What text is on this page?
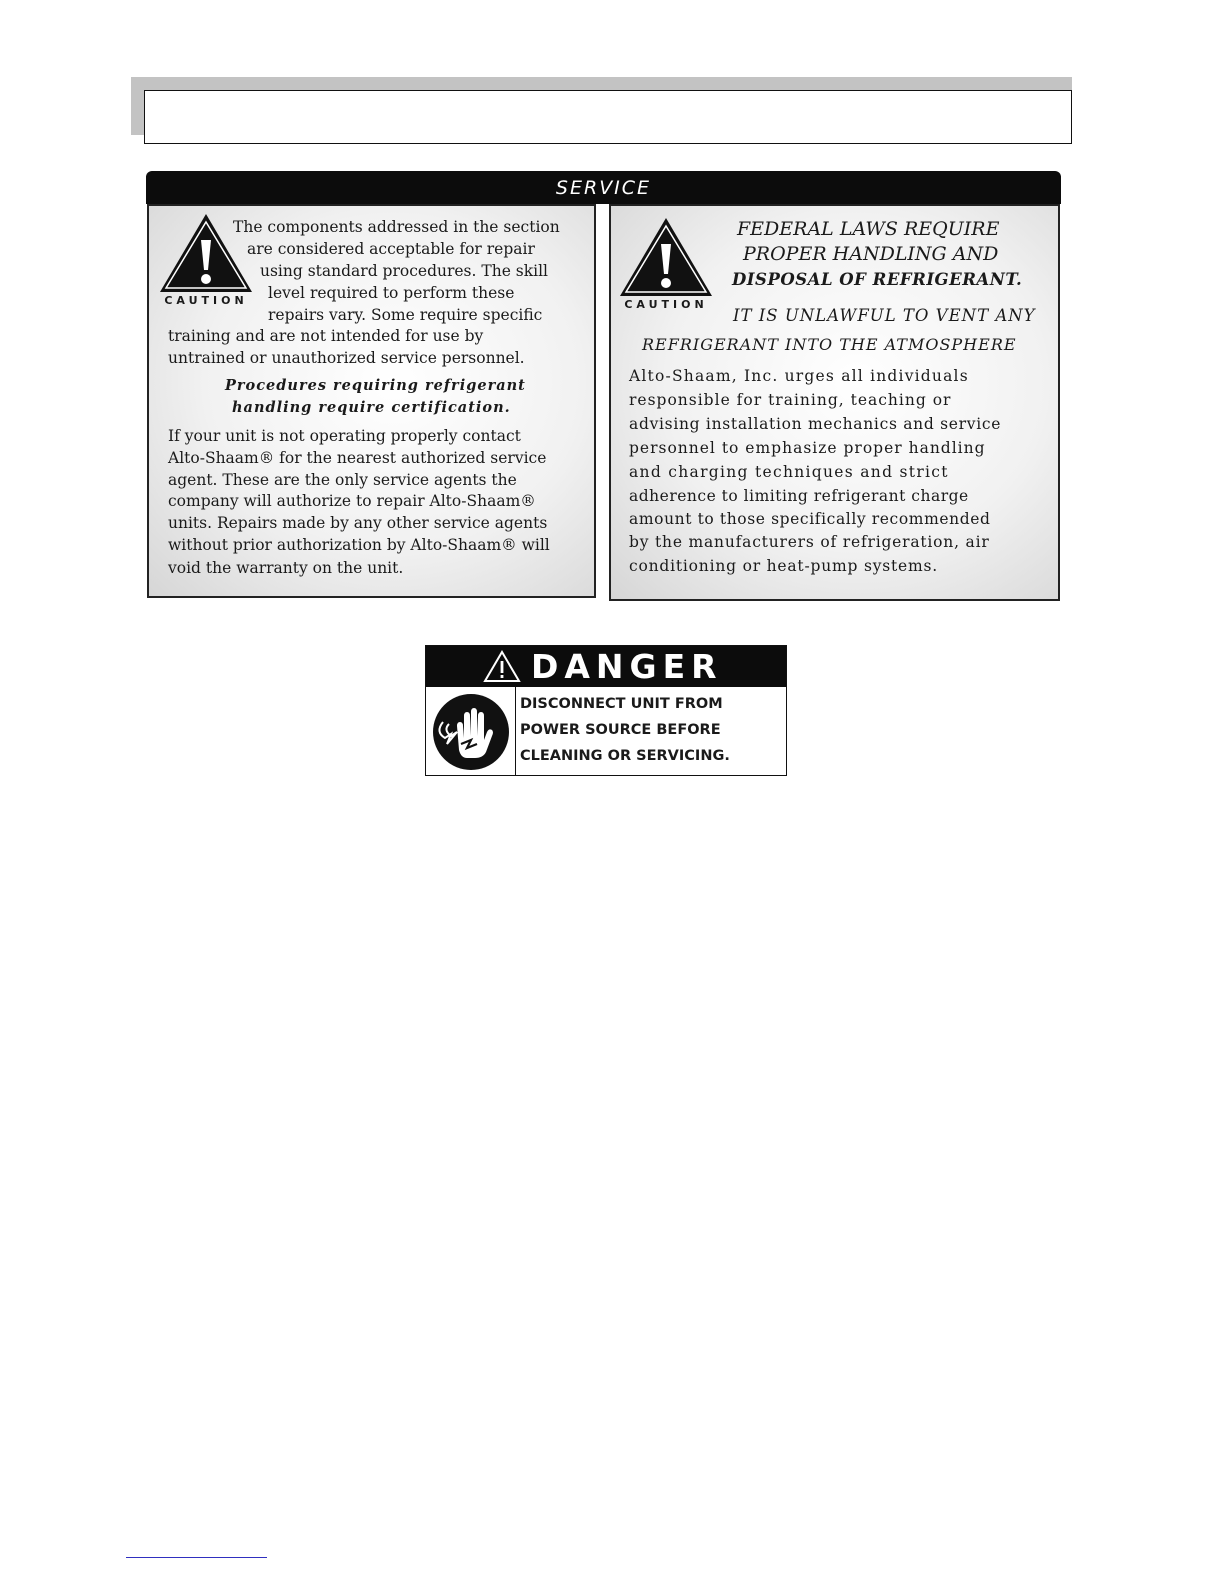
SERVICE
CAUTION
The components addressed in the section
are considered acceptable for repair
using standard procedures. The skill
level required to perform these
repairs vary. Some require specific
training and are not intended for use by
untrained or unauthorized service personnel.
Procedures requiring refrigerant
handling require certification.
If your unit is not operating properly contact
Alto-Shaam® for the nearest authorized service
agent. These are the only service agents the
company will authorize to repair Alto-Shaam®
units. Repairs made by any other service agents
without prior authorization by Alto-Shaam® will
void the warranty on the unit.
CAUTION
FEDERAL LAWS REQUIRE
PROPER HANDLING AND
DISPOSAL OF REFRIGERANT.
IT IS UNLAWFUL TO VENT ANY
REFRIGERANT INTO THE ATMOSPHERE
Alto-Shaam, Inc. urges all individuals
responsible for training, teaching or
advising installation mechanics and service
personnel to emphasize proper handling
and charging techniques and strict
adherence to limiting refrigerant charge
amount to those specifically recommended
by the manufacturers of refrigeration, air
conditioning or heat-pump systems.
DANGER
DISCONNECT UNIT FROM
POWER SOURCE BEFORE
CLEANING OR SERVICING.
